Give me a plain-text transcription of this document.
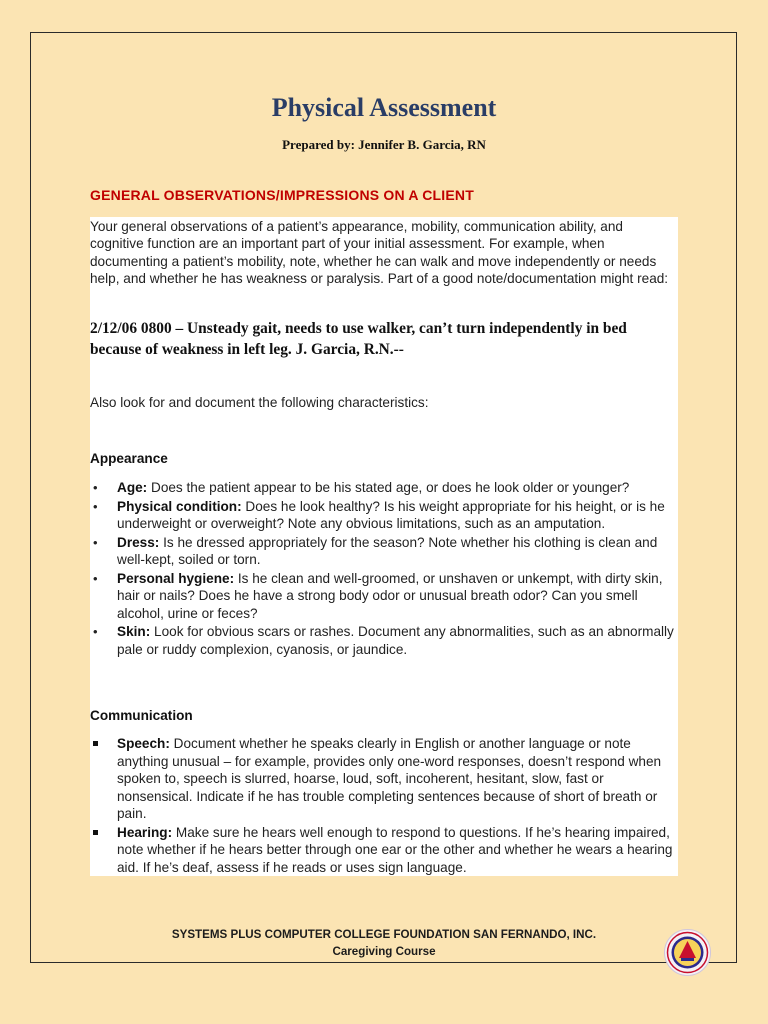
Physical Assessment
Prepared by: Jennifer B. Garcia, RN
GENERAL OBSERVATIONS/IMPRESSIONS ON A CLIENT
Your general observations of a patient’s appearance, mobility, communication ability, and cognitive function are an important part of your initial assessment. For example, when documenting a patient’s mobility, note, whether he can walk and move independently or needs help, and whether he has weakness or paralysis. Part of a good note/documentation might read:
2/12/06 0800 – Unsteady gait, needs to use walker, can’t turn independently in bed because of weakness in left leg. J. Garcia, R.N.--
Also look for and document the following characteristics:
Appearance
• Age: Does the patient appear to be his stated age, or does he look older or younger?
• Physical condition: Does he look healthy? Is his weight appropriate for his height, or is he underweight or overweight? Note any obvious limitations, such as an amputation.
• Dress: Is he dressed appropriately for the season? Note whether his clothing is clean and well-kept, soiled or torn.
• Personal hygiene: Is he clean and well-groomed, or unshaven or unkempt, with dirty skin, hair or nails? Does he have a strong body odor or unusual breath odor? Can you smell alcohol, urine or feces?
• Skin: Look for obvious scars or rashes. Document any abnormalities, such as an abnormally pale or ruddy complexion, cyanosis, or jaundice.
Communication
Speech: Document whether he speaks clearly in English or another language or note anything unusual – for example, provides only one-word responses, doesn’t respond when spoken to, speech is slurred, hoarse, loud, soft, incoherent, hesitant, slow, fast or nonsensical. Indicate if he has trouble completing sentences because of short of breath or pain.
Hearing: Make sure he hears well enough to respond to questions. If he’s hearing impaired, note whether if he hears better through one ear or the other and whether he wears a hearing aid. If he’s deaf, assess if he reads or uses sign language.
SYSTEMS PLUS COMPUTER COLLEGE FOUNDATION SAN FERNANDO, INC.
Caregiving Course
